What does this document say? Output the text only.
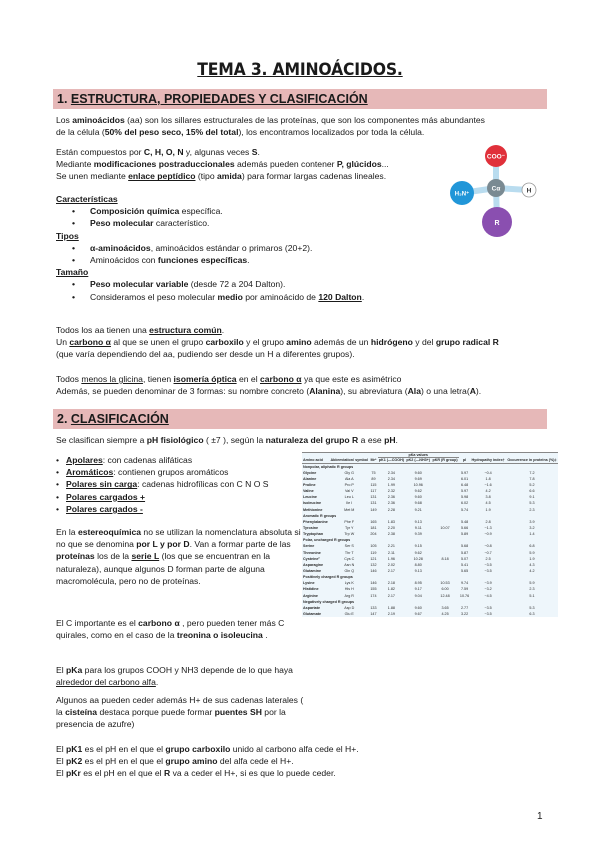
TEMA 3. AMINOÁCIDOS.
1. ESTRUCTURA, PROPIEDADES Y CLASIFICACIÓN
Los aminoácidos (aa) son los sillares estructurales de las proteínas, que son los componentes más abundantes
de la célula (50% del peso seco, 15% del total), los encontramos localizados por toda la célula.
Están compuestos por C, H, O, N y, algunas veces S.
Mediante modificaciones postraduccionales además pueden contener P, glúcidos...
Se unen mediante enlace peptídico (tipo amida) para formar largas cadenas lineales.
Características
• Composición química específica.
• Peso molecular característico.
Tipos
• α-aminoácidos, aminoácidos estándar o primaros (20+2).
• Aminoácidos con funciones específicas.
Tamaño
• Peso molecular variable (desde 72 a 204 Dalton).
• Consideramos el peso molecular medio por aminoácido de 120 Dalton.
COO⁻
H₃N⁺
Cα	H
R
Todos los aa tienen una estructura común.
Un carbono α al que se unen el grupo carboxilo y el grupo amino además de un hidrógeno y del grupo radical R
(que varía dependiendo del aa, pudiendo ser desde un H a diferentes grupos).
Todos menos la glicina, tienen isomería óptica en el carbono α ya que este es asimétrico
Además, se pueden denominar de 3 formas: su nombre concreto (Alanina), su abreviatura (Ala) o una letra(A).
2. CLASIFICACIÓN
Se clasifican siempre a pH fisiológico ( ±7 ), según la naturaleza del grupo R a ese pH.
• Apolares: con cadenas alifáticas
• Aromáticos: contienen grupos aromáticos
• Polares sin carga: cadenas hidrofílicas con C N O S
• Polares cargados +
• Polares cargados -
En la estereoquímica no se utilizan la nomenclatura absoluta si no que se denomina por L y por D. Van a formar parte de las proteínas los de la serie L (los que se encuentran en la naturaleza), aunque algunos D forman parte de alguna macromolécula, pero no de proteínas.
El C importante es el carbono α , pero pueden tener más C quirales, como en el caso de la treonina o isoleucina .
El pKa para los grupos COOH y NH3 depende de lo que haya alrededor del carbono alfa.
Algunos aa pueden ceder además H+ de sus cadenas laterales ( la cisteína destaca porque puede formar puentes SH por la presencia de azufre)
El pK1 es el pH en el que el grupo carboxilo unido al carbono alfa cede el H+.
El pK2 es el pH en el que el grupo amino del alfa cede el H+.
El pKr es el pH en el que el R va a ceder el H+, si es que lo puede ceder.
			pKa values					
Amino acid	Abbreviation/ symbol	Mr*	pK1 (—COOH)	pK2 (—NH3+)	pKR (R group)	pI	Hydropathy index†	Occurrence in proteins (%)‡
Nonpolar, aliphatic R groups								
Glycine	Gly G	75	2.34	9.60		5.97	−0.4	7.2
Alanine	Ala A	89	2.34	9.69		6.01	1.8	7.8
Proline	Pro P	115	1.99	10.96		6.48	−1.6	5.2
Valine	Val V	117	2.32	9.62		5.97	4.2	6.6
Leucine	Leu L	131	2.36	9.60		5.98	3.8	9.1
Isoleucine	Ile I	131	2.36	9.68		6.02	4.5	5.3
Methionine	Met M	149	2.28	9.21		5.74	1.9	2.3
Aromatic R groups								
Phenylalanine	Phe F	165	1.83	9.13		5.48	2.8	3.9
Tyrosine	Tyr Y	181	2.20	9.11	10.07	5.66	−1.3	3.2
Tryptophan	Trp W	204	2.38	9.39		5.89	−0.9	1.4
Polar, uncharged R groups								
Serine	Ser S	105	2.21	9.15		5.68	−0.8	6.8
Threonine	Thr T	119	2.11	9.62		5.87	−0.7	5.9
Cysteine²	Cys C	121	1.96	10.28	8.18	5.07	2.5	1.9
Asparagine	Asn N	132	2.02	8.80		5.41	−3.5	4.3
Glutamine	Gln Q	146	2.17	9.13		5.65	−3.5	4.2
Positively charged R groups								
Lysine	Lys K	146	2.18	8.95	10.53	9.74	−3.9	5.9
Histidine	His H	155	1.82	9.17	6.00	7.59	−3.2	2.3
Arginine	Arg R	174	2.17	9.04	12.48	10.76	−4.5	5.1
Negatively charged R groups								
Aspartate	Asp D	133	1.88	9.60	3.65	2.77	−3.5	5.3
Glutamate	Glu E	147	2.19	9.67	4.25	3.22	−3.5	6.3
1
